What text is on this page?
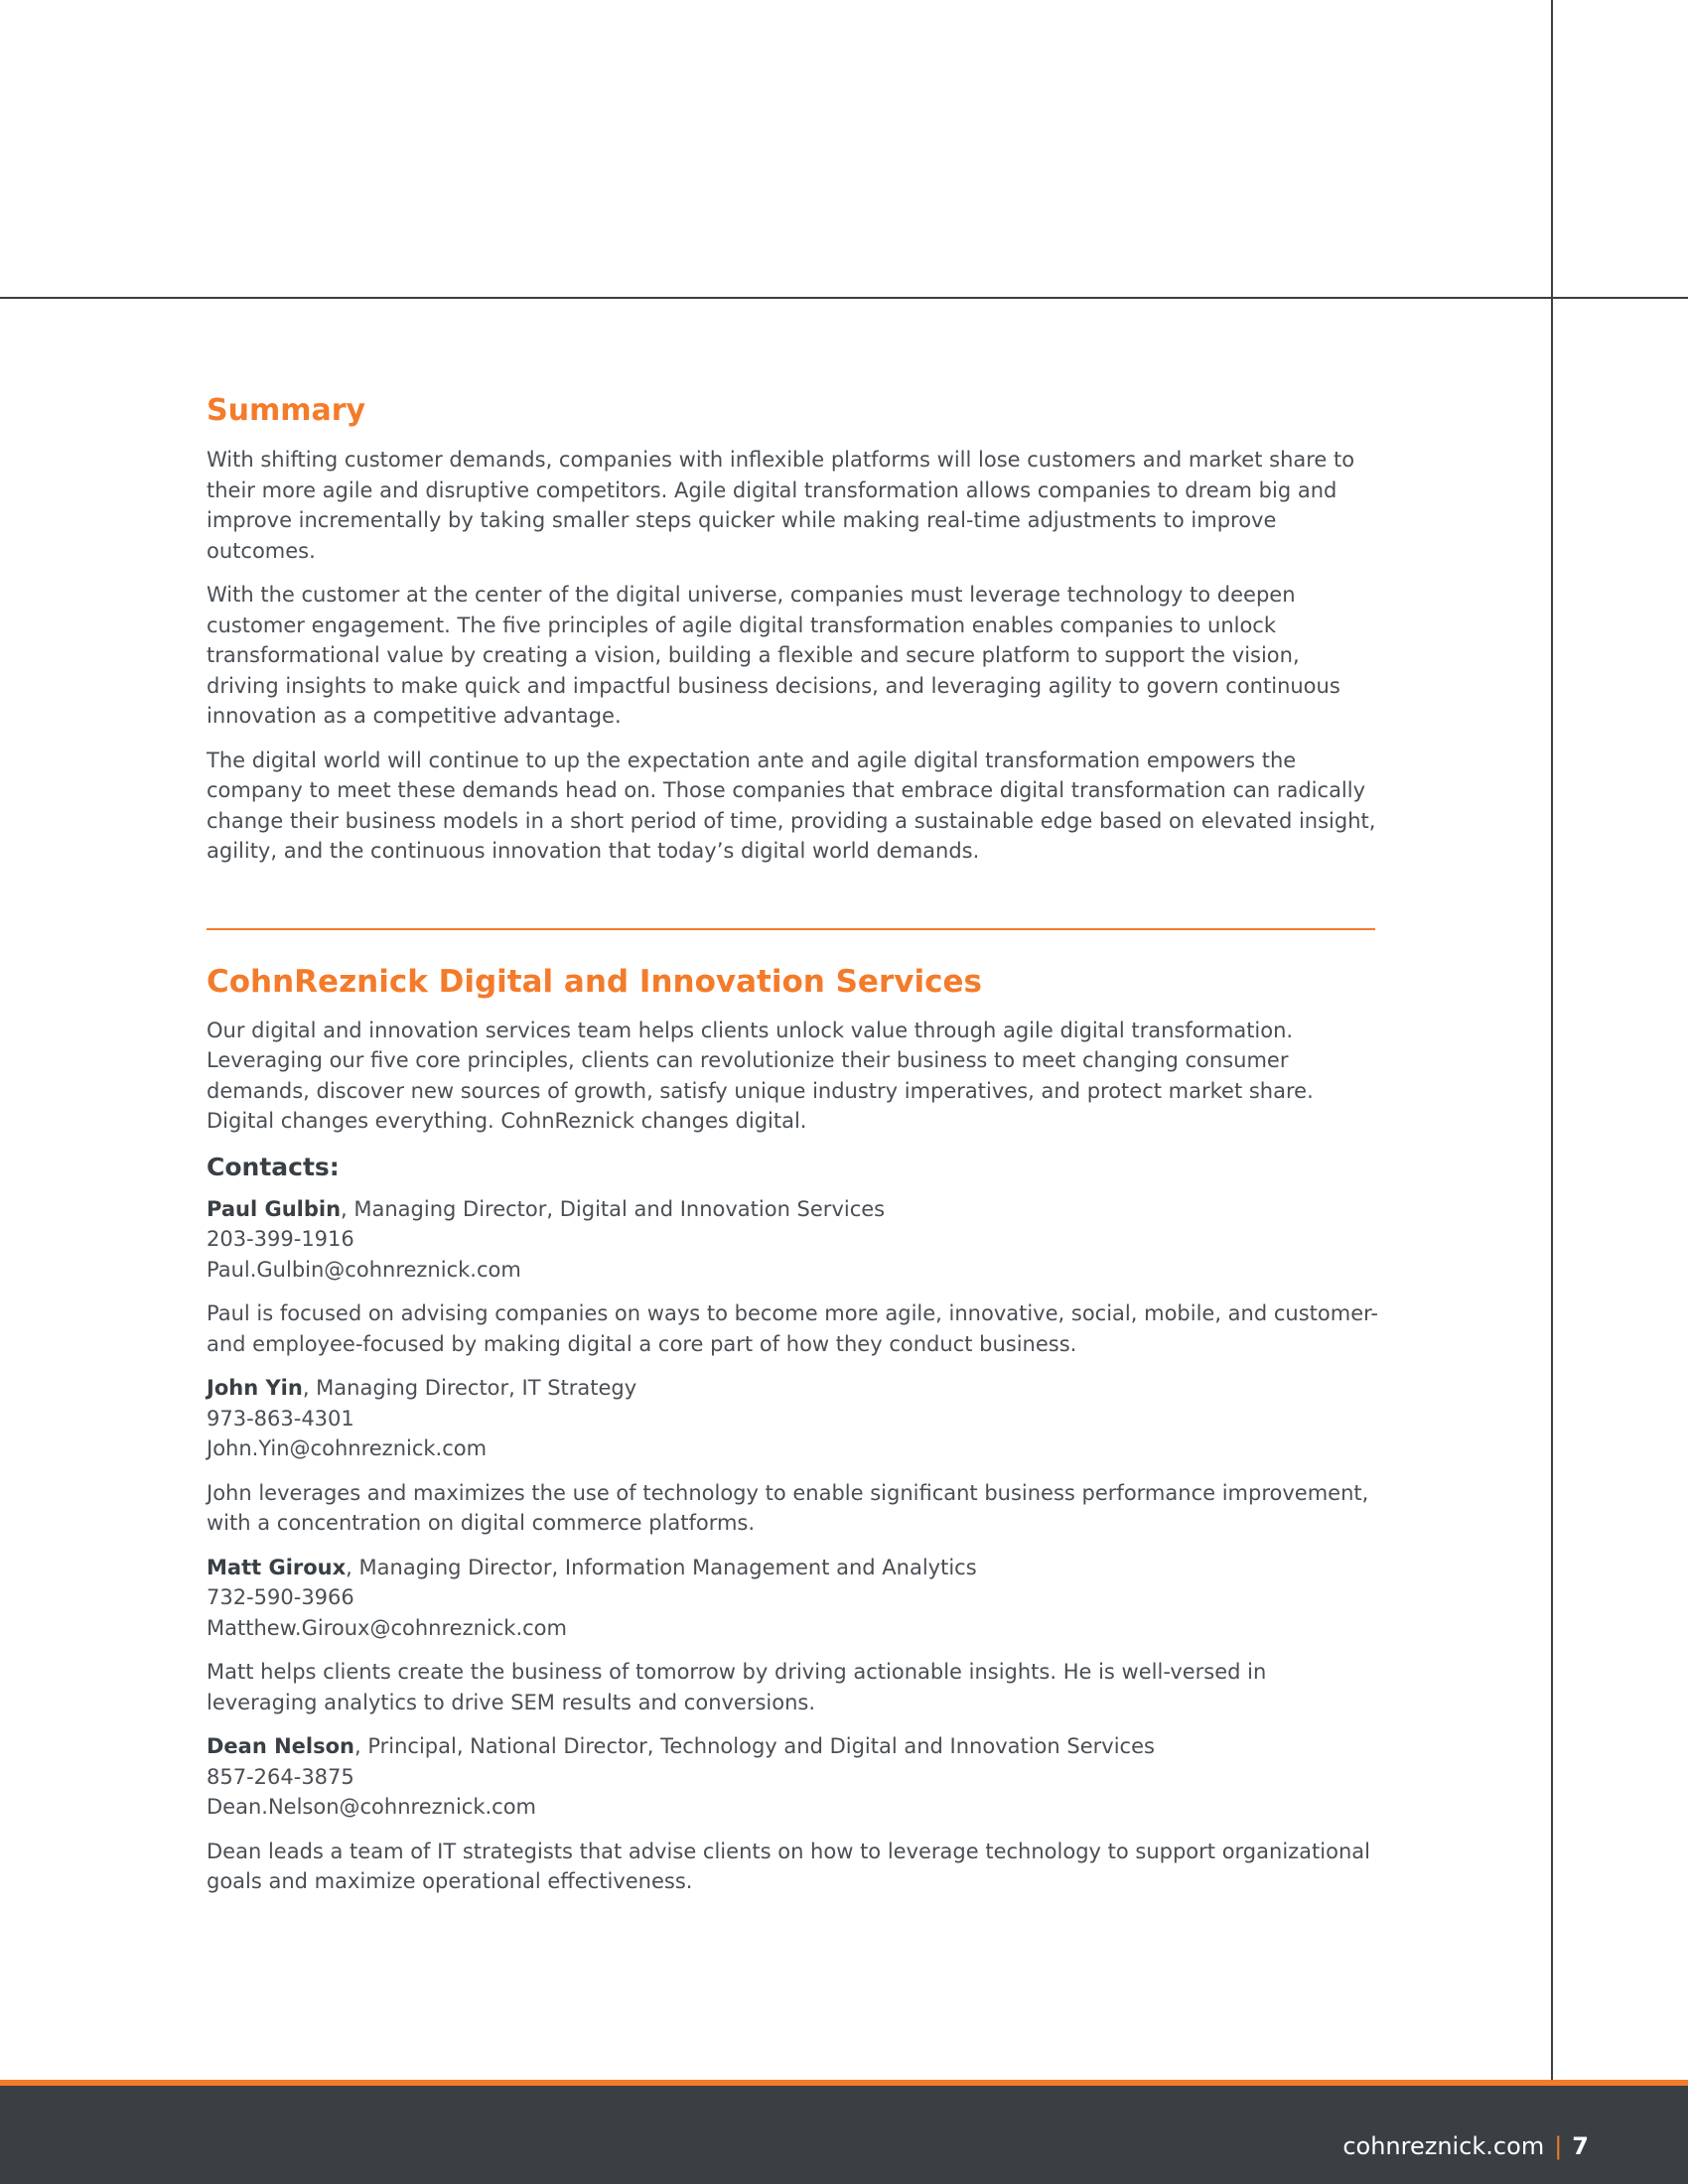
Summary

With shifting customer demands, companies with inflexible platforms will lose customers and market share to their more agile and disruptive competitors. Agile digital transformation allows companies to dream big and improve incrementally by taking smaller steps quicker while making real-time adjustments to improve outcomes.

With the customer at the center of the digital universe, companies must leverage technology to deepen customer engagement. The five principles of agile digital transformation enables companies to unlock transformational value by creating a vision, building a flexible and secure platform to support the vision, driving insights to make quick and impactful business decisions, and leveraging agility to govern continuous innovation as a competitive advantage.

The digital world will continue to up the expectation ante and agile digital transformation empowers the company to meet these demands head on. Those companies that embrace digital transformation can radically change their business models in a short period of time, providing a sustainable edge based on elevated insight, agility, and the continuous innovation that today’s digital world demands.

CohnReznick Digital and Innovation Services

Our digital and innovation services team helps clients unlock value through agile digital transformation. Leveraging our five core principles, clients can revolutionize their business to meet changing consumer demands, discover new sources of growth, satisfy unique industry imperatives, and protect market share. Digital changes everything. CohnReznick changes digital.

Contacts:
Paul Gulbin, Managing Director, Digital and Innovation Services
203-399-1916
Paul.Gulbin@cohnreznick.com

Paul is focused on advising companies on ways to become more agile, innovative, social, mobile, and customer- and employee-focused by making digital a core part of how they conduct business.

John Yin, Managing Director, IT Strategy
973-863-4301
John.Yin@cohnreznick.com

John leverages and maximizes the use of technology to enable significant business performance improvement, with a concentration on digital commerce platforms.

Matt Giroux, Managing Director, Information Management and Analytics
732-590-3966
Matthew.Giroux@cohnreznick.com

Matt helps clients create the business of tomorrow by driving actionable insights. He is well-versed in leveraging analytics to drive SEM results and conversions.

Dean Nelson, Principal, National Director, Technology and Digital and Innovation Services
857-264-3875
Dean.Nelson@cohnreznick.com

Dean leads a team of IT strategists that advise clients on how to leverage technology to support organizational goals and maximize operational effectiveness.

cohnreznick.com | 7
